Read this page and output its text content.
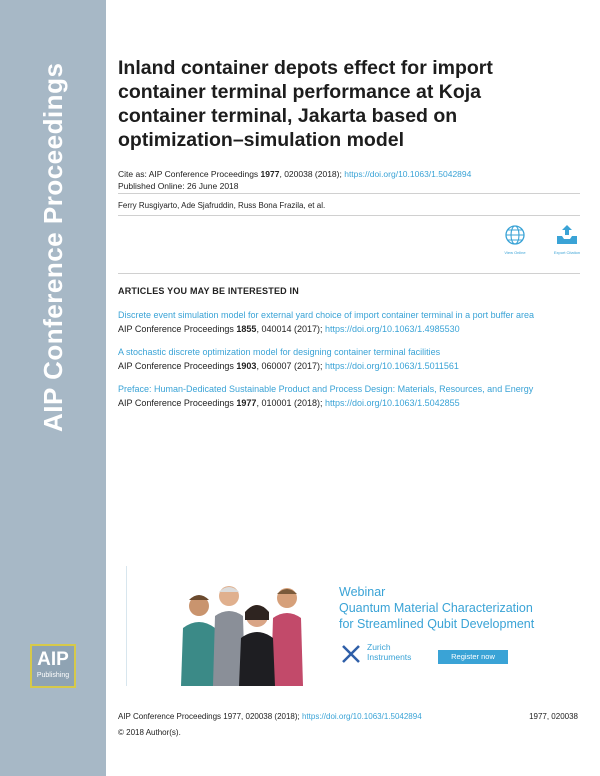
AIP Conference Proceedings
AIP
Publishing
Inland container depots effect for import container terminal performance at Koja container terminal, Jakarta based on optimization–simulation model
Cite as: AIP Conference Proceedings 1977, 020038 (2018); https://doi.org/10.1063/1.5042894
Published Online: 26 June 2018
Ferry Rusgiyarto, Ade Sjafruddin, Russ Bona Frazila, et al.
View Online	Export Citation
ARTICLES YOU MAY BE INTERESTED IN
Discrete event simulation model for external yard choice of import container terminal in a port buffer area
AIP Conference Proceedings 1855, 040014 (2017); https://doi.org/10.1063/1.4985530
A stochastic discrete optimization model for designing container terminal facilities
AIP Conference Proceedings 1903, 060007 (2017); https://doi.org/10.1063/1.5011561
Preface: Human-Dedicated Sustainable Product and Process Design: Materials, Resources, and Energy
AIP Conference Proceedings 1977, 010001 (2018); https://doi.org/10.1063/1.5042855
Webinar
Quantum Material Characterization
for Streamlined Qubit Development
Zurich
Instruments	Register now
AIP Conference Proceedings 1977, 020038 (2018); https://doi.org/10.1063/1.5042894	1977, 020038
© 2018 Author(s).
